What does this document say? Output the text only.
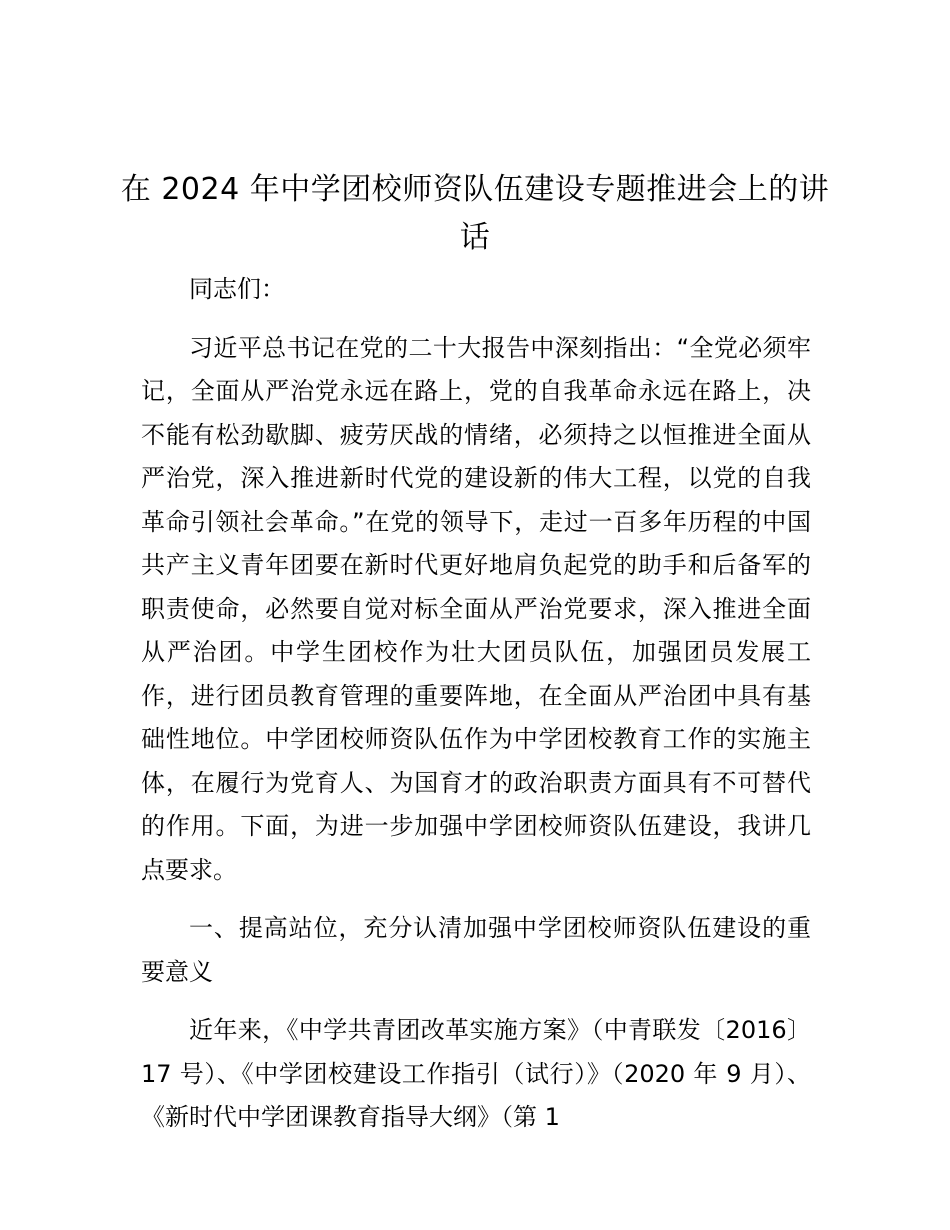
在 2024 年中学团校师资队伍建设专题推进会上的讲话

同志们：

习近平总书记在党的二十大报告中深刻指出：“全党必须牢记，全面从严治党永远在路上，党的自我革命永远在路上，决不能有松劲歇脚、疲劳厌战的情绪，必须持之以恒推进全面从严治党，深入推进新时代党的建设新的伟大工程，以党的自我革命引领社会革命。”在党的领导下，走过一百多年历程的中国共产主义青年团要在新时代更好地肩负起党的助手和后备军的职责使命，必然要自觉对标全面从严治党要求，深入推进全面从严治团。中学生团校作为壮大团员队伍，加强团员发展工作，进行团员教育管理的重要阵地，在全面从严治团中具有基础性地位。中学团校师资队伍作为中学团校教育工作的实施主体，在履行为党育人、为国育才的政治职责方面具有不可替代的作用。下面，为进一步加强中学团校师资队伍建设，我讲几点要求。

一、提高站位，充分认清加强中学团校师资队伍建设的重要意义

近年来，《中学共青团改革实施方案》（中青联发〔2016〕17 号）、《中学团校建设工作指引（试行）》（2020 年 9 月）、《新时代中学团课教育指导大纲》（第 1
